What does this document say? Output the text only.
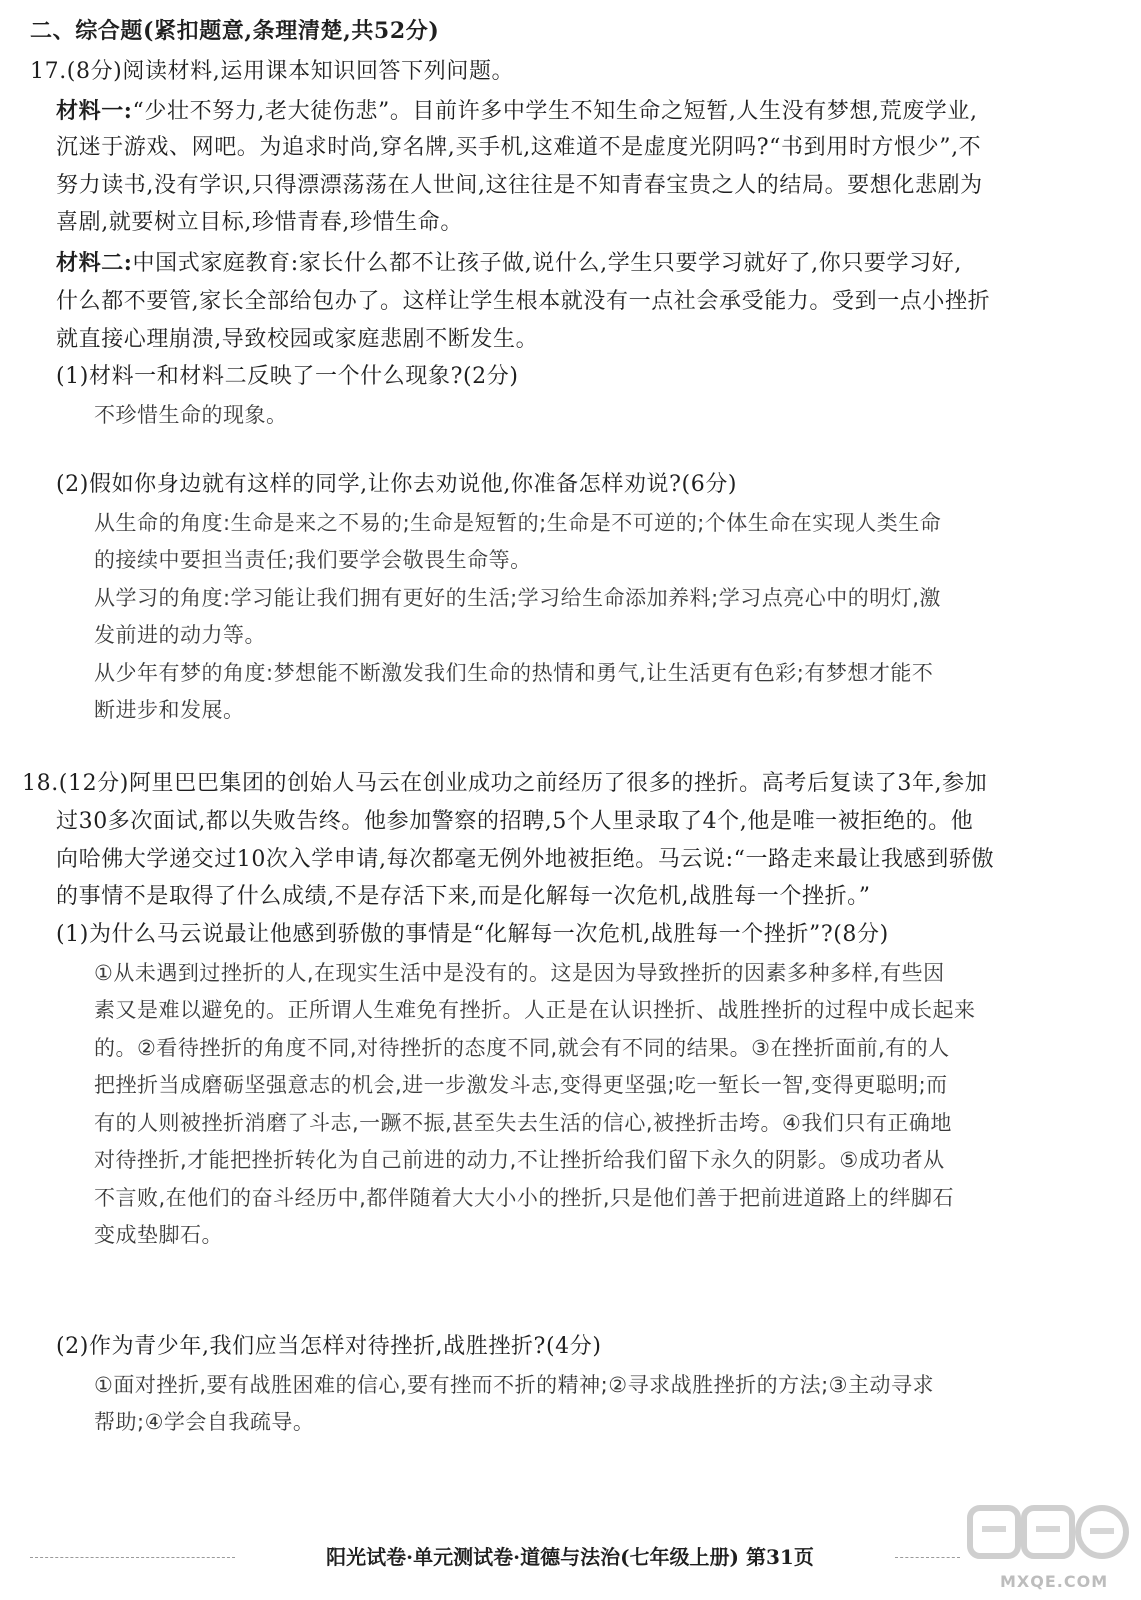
二、综合题(紧扣题意,条理清楚,共52分)
17.(8分)阅读材料,运用课本知识回答下列问题。
材料一:“少壮不努力,老大徒伤悲”。目前许多中学生不知生命之短暂,人生没有梦想,荒废学业,
沉迷于游戏、网吧。为追求时尚,穿名牌,买手机,这难道不是虚度光阴吗?“书到用时方恨少”,不
努力读书,没有学识,只得漂漂荡荡在人世间,这往往是不知青春宝贵之人的结局。要想化悲剧为
喜剧,就要树立目标,珍惜青春,珍惜生命。
材料二:中国式家庭教育:家长什么都不让孩子做,说什么,学生只要学习就好了,你只要学习好,
什么都不要管,家长全部给包办了。这样让学生根本就没有一点社会承受能力。受到一点小挫折
就直接心理崩溃,导致校园或家庭悲剧不断发生。
(1)材料一和材料二反映了一个什么现象?(2分)
不珍惜生命的现象。
(2)假如你身边就有这样的同学,让你去劝说他,你准备怎样劝说?(6分)
从生命的角度:生命是来之不易的;生命是短暂的;生命是不可逆的;个体生命在实现人类生命
的接续中要担当责任;我们要学会敬畏生命等。
从学习的角度:学习能让我们拥有更好的生活;学习给生命添加养料;学习点亮心中的明灯,激
发前进的动力等。
从少年有梦的角度:梦想能不断激发我们生命的热情和勇气,让生活更有色彩;有梦想才能不
断进步和发展。
18.(12分)阿里巴巴集团的创始人马云在创业成功之前经历了很多的挫折。高考后复读了3年,参加
过30多次面试,都以失败告终。他参加警察的招聘,5个人里录取了4个,他是唯一被拒绝的。他
向哈佛大学递交过10次入学申请,每次都毫无例外地被拒绝。马云说:“一路走来最让我感到骄傲
的事情不是取得了什么成绩,不是存活下来,而是化解每一次危机,战胜每一个挫折。”
(1)为什么马云说最让他感到骄傲的事情是“化解每一次危机,战胜每一个挫折”?(8分)
①从未遇到过挫折的人,在现实生活中是没有的。这是因为导致挫折的因素多种多样,有些因
素又是难以避免的。正所谓人生难免有挫折。人正是在认识挫折、战胜挫折的过程中成长起来
的。②看待挫折的角度不同,对待挫折的态度不同,就会有不同的结果。③在挫折面前,有的人
把挫折当成磨砺坚强意志的机会,进一步激发斗志,变得更坚强;吃一堑长一智,变得更聪明;而
有的人则被挫折消磨了斗志,一蹶不振,甚至失去生活的信心,被挫折击垮。④我们只有正确地
对待挫折,才能把挫折转化为自己前进的动力,不让挫折给我们留下永久的阴影。⑤成功者从
不言败,在他们的奋斗经历中,都伴随着大大小小的挫折,只是他们善于把前进道路上的绊脚石
变成垫脚石。
(2)作为青少年,我们应当怎样对待挫折,战胜挫折?(4分)
①面对挫折,要有战胜困难的信心,要有挫而不折的精神;②寻求战胜挫折的方法;③主动寻求
帮助;④学会自我疏导。
阳光试卷·单元测试卷·道德与法治(七年级上册) 第31页
MXQE.COM
